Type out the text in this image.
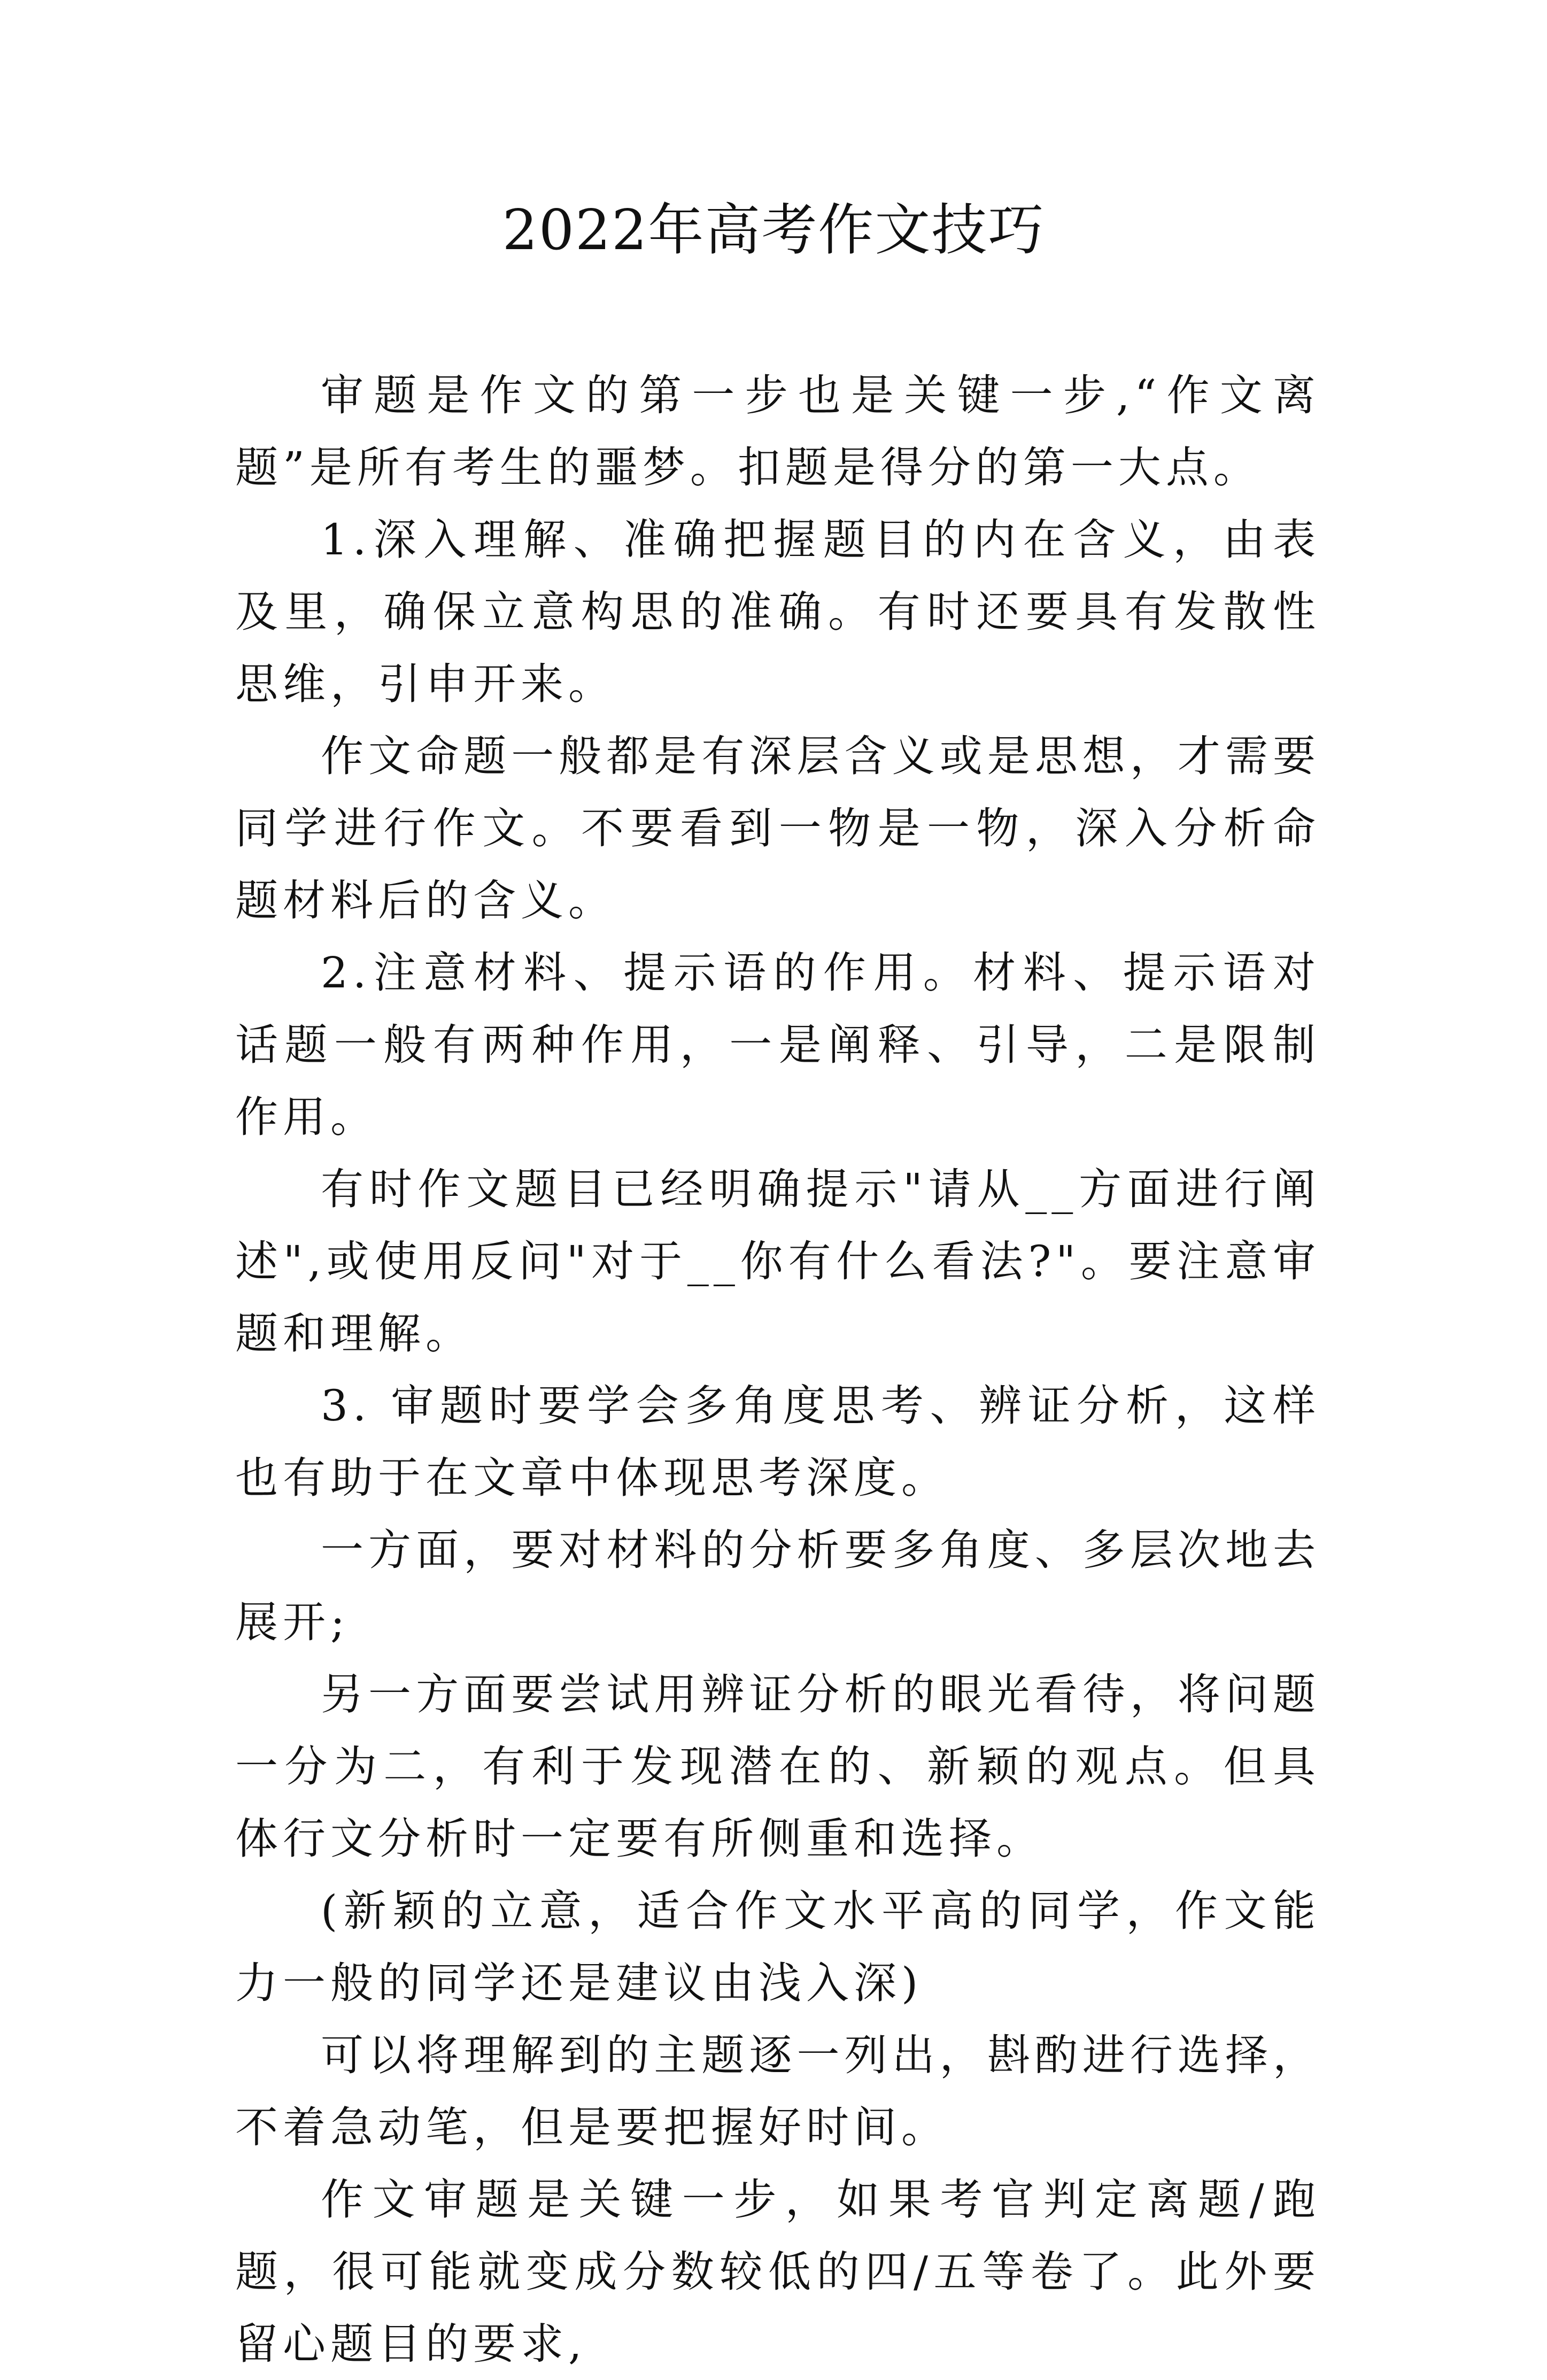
2022年高考作文技巧

审题是作文的第一步也是关键一步,“作文离题”是所有考生的噩梦。扣题是得分的第一大点。

1.深入理解、准确把握题目的内在含义，由表及里，确保立意构思的准确。有时还要具有发散性思维，引申开来。

作文命题一般都是有深层含义或是思想，才需要同学进行作文。不要看到一物是一物，深入分析命题材料后的含义。

2.注意材料、提示语的作用。材料、提示语对话题一般有两种作用，一是阐释、引导，二是限制作用。

有时作文题目已经明确提示"请从__方面进行阐述",或使用反问"对于__你有什么看法?"。要注意审题和理解。

3. 审题时要学会多角度思考、辨证分析，这样也有助于在文章中体现思考深度。

一方面，要对材料的分析要多角度、多层次地去展开;

另一方面要尝试用辨证分析的眼光看待，将问题一分为二，有利于发现潜在的、新颖的观点。但具体行文分析时一定要有所侧重和选择。

(新颖的立意，适合作文水平高的同学，作文能力一般的同学还是建议由浅入深)

可以将理解到的主题逐一列出，斟酌进行选择，不着急动笔，但是要把握好时间。

作文审题是关键一步，如果考官判定离题/跑题，很可能就变成分数较低的四/五等卷了。此外要留心题目的要求,
